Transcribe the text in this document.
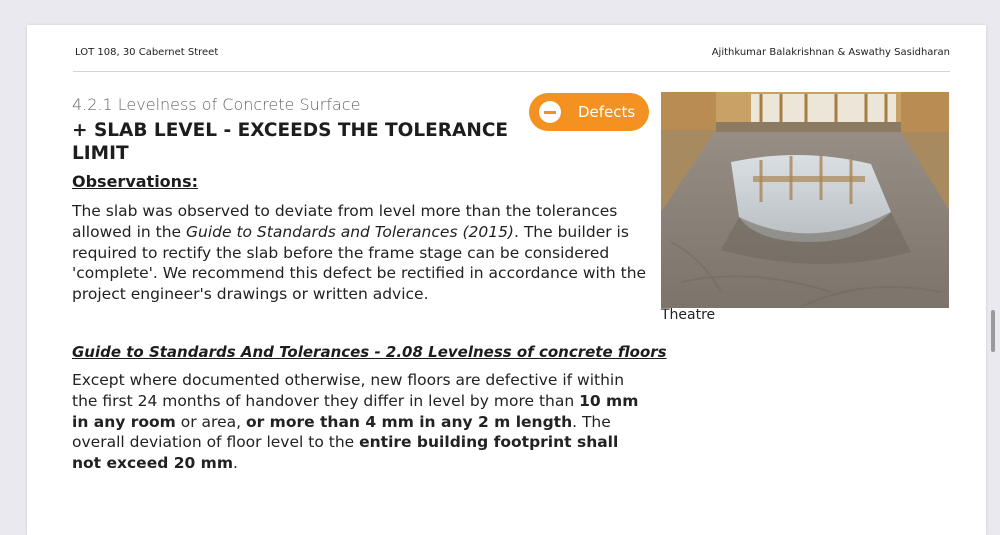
LOT 108, 30 Cabernet Street	Ajithkumar Balakrishnan & Aswathy Sasidharan
4.2.1 Levelness of Concrete Surface
+ SLAB LEVEL - EXCEEDS THE TOLERANCE LIMIT
Defects
Observations:
The slab was observed to deviate from level more than the tolerances allowed in the Guide to Standards and Tolerances (2015). The builder is required to rectify the slab before the frame stage can be considered 'complete'. We recommend this defect be rectified in accordance with the project engineer's drawings or written advice.
Theatre
Guide to Standards And Tolerances - 2.08 Levelness of concrete floors
Except where documented otherwise, new floors are defective if within the first 24 months of handover they differ in level by more than 10 mm in any room or area, or more than 4 mm in any 2 m length. The overall deviation of floor level to the entire building footprint shall not exceed 20 mm.
